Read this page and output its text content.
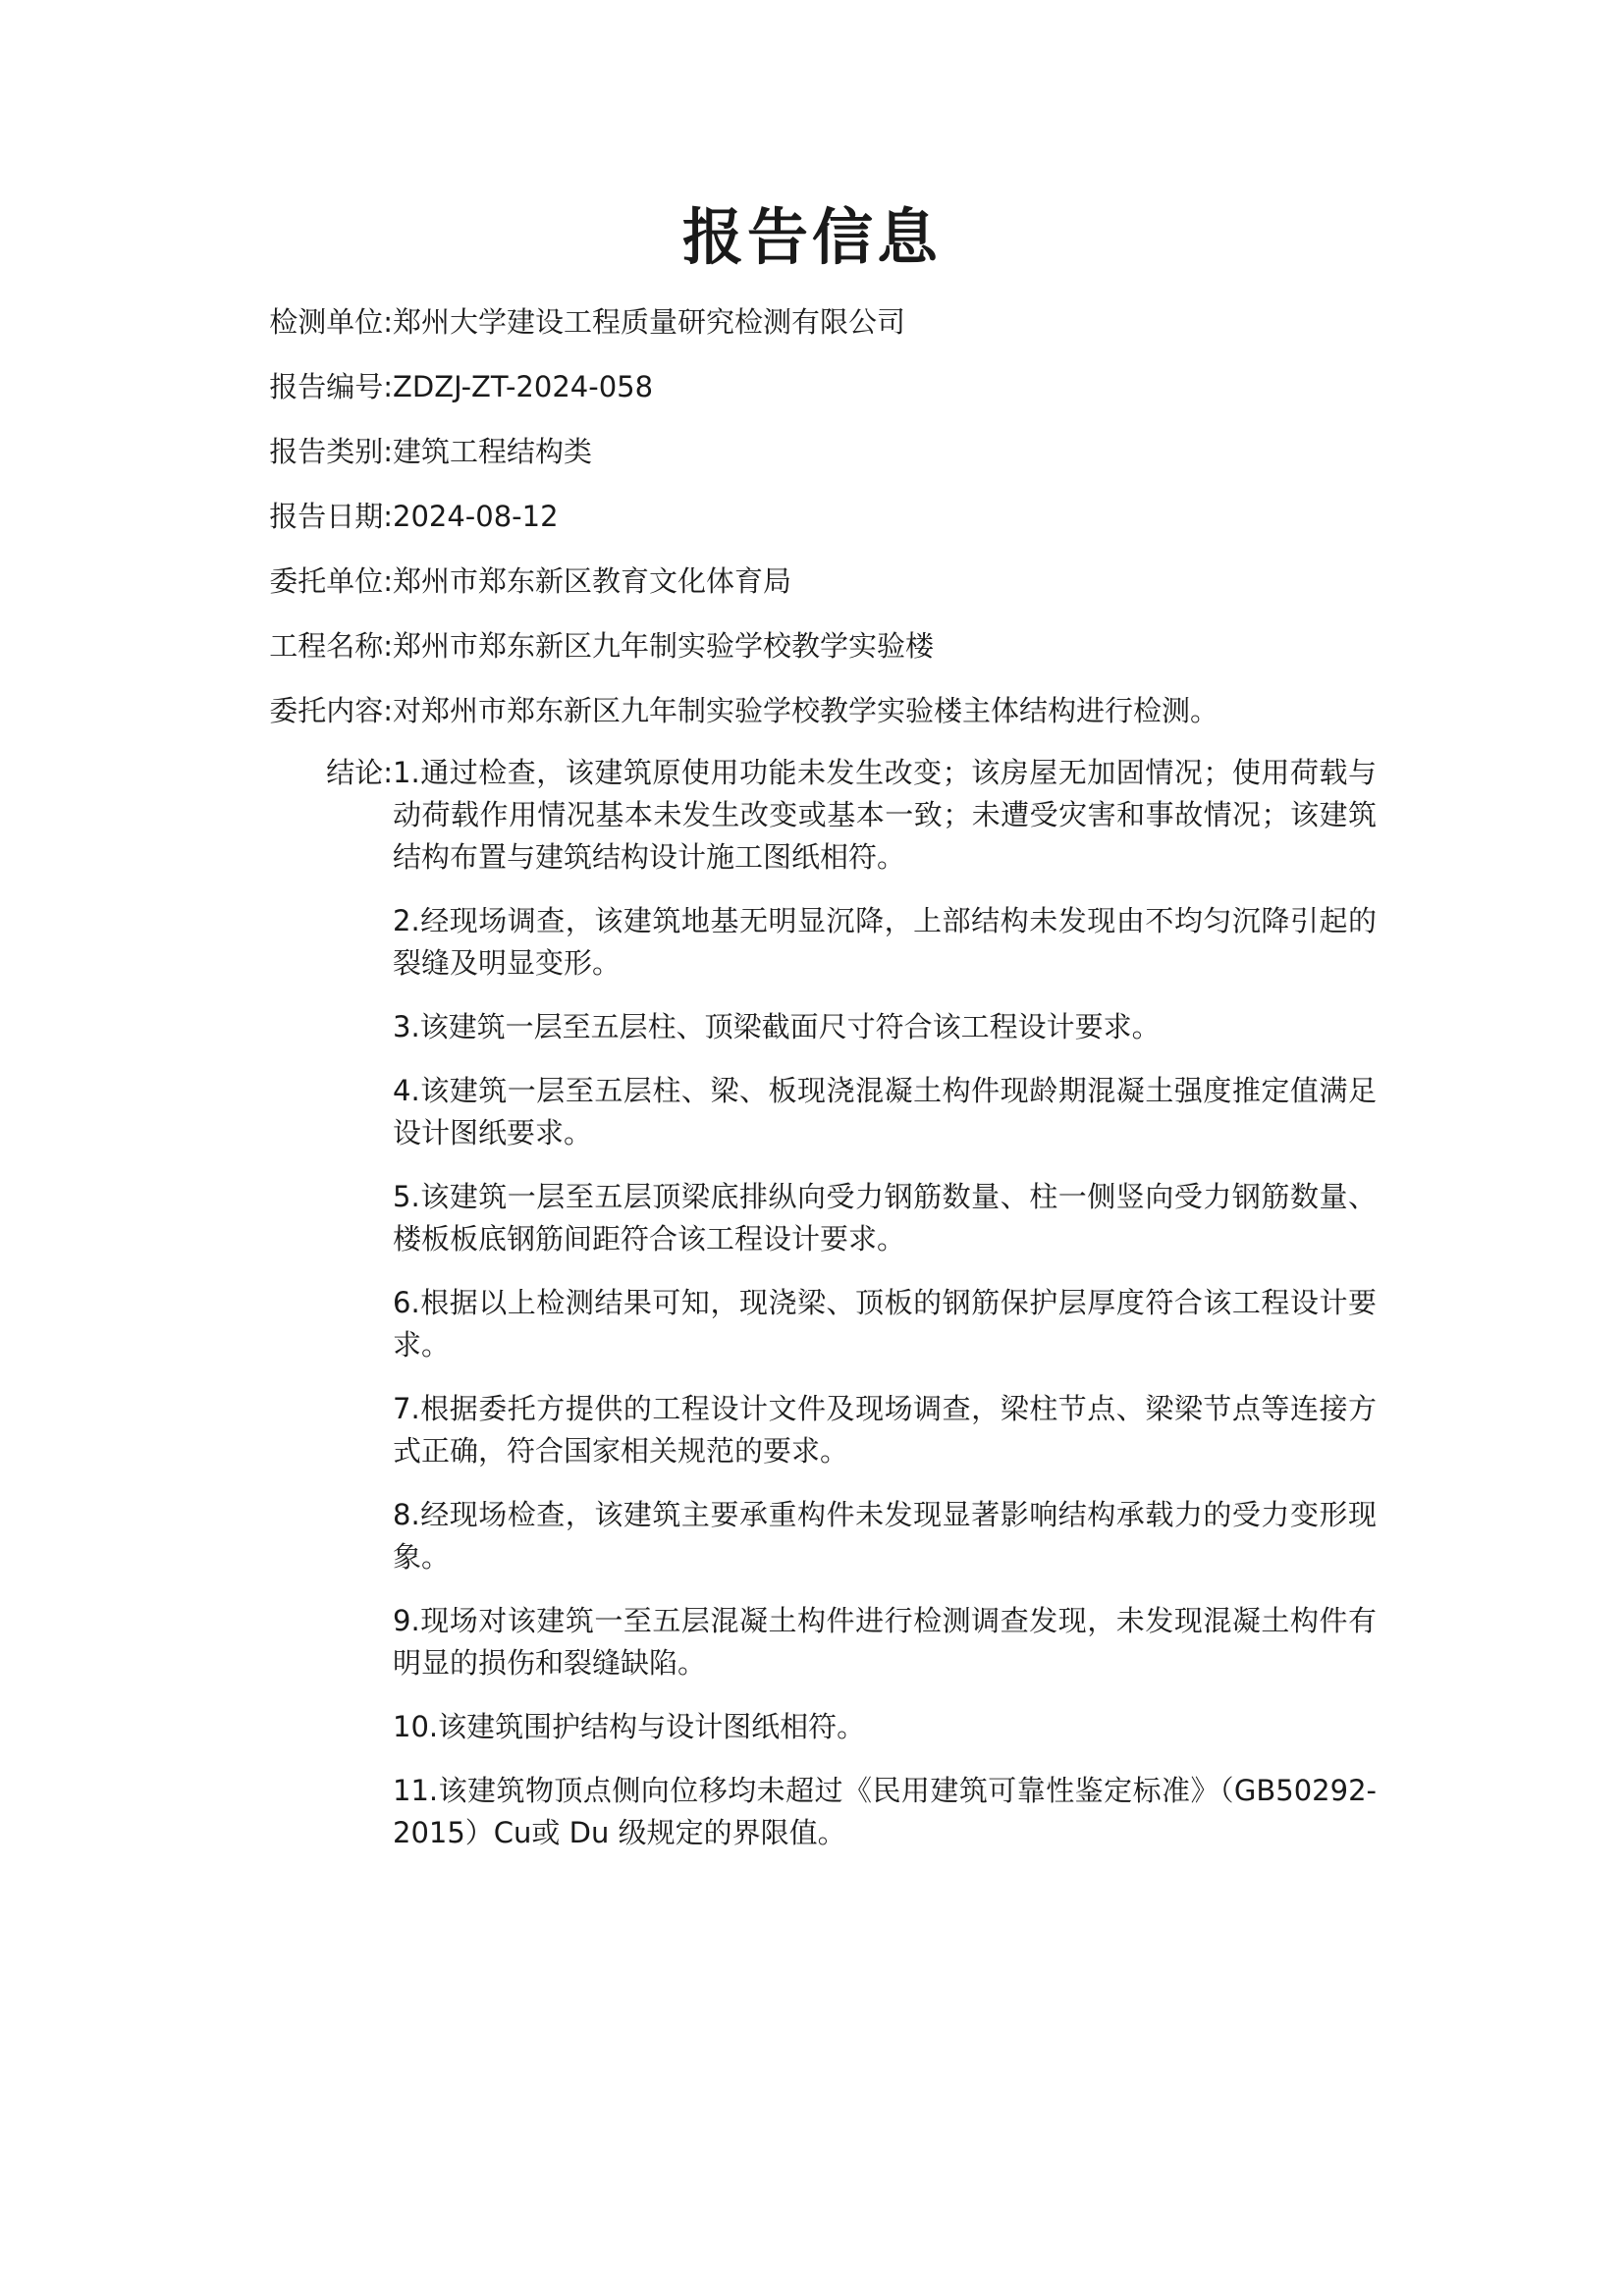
报告信息
检测单位: 郑州大学建设工程质量研究检测有限公司
报告编号: ZDZJ-ZT-2024-058
报告类别: 建筑工程结构类
报告日期: 2024-08-12
委托单位: 郑州市郑东新区教育文化体育局
工程名称: 郑州市郑东新区九年制实验学校教学实验楼
委托内容: 对郑州市郑东新区九年制实验学校教学实验楼主体结构进行检测。
结论: 1.通过检查，该建筑原使用功能未发生改变；该房屋无加固情况；使用荷载与动荷载作用情况基本未发生改变或基本一致；未遭受灾害和事故情况；该建筑结构布置与建筑结构设计施工图纸相符。

2.经现场调查，该建筑地基无明显沉降，上部结构未发现由不均匀沉降引起的裂缝及明显变形。

3.该建筑一层至五层柱、顶梁截面尺寸符合该工程设计要求。

4.该建筑一层至五层柱、梁、板现浇混凝土构件现龄期混凝土强度推定值满足设计图纸要求。

5.该建筑一层至五层顶梁底排纵向受力钢筋数量、柱一侧竖向受力钢筋数量、 楼板板底钢筋间距符合该工程设计要求。

6.根据以上检测结果可知，现浇梁、顶板的钢筋保护层厚度符合该工程设计要求。

7.根据委托方提供的工程设计文件及现场调查，梁柱节点、梁梁节点等连接方式正确，符合国家相关规范的要求。

8.经现场检查，该建筑主要承重构件未发现显著影响结构承载力的受力变形现象。

9.现场对该建筑一至五层混凝土构件进行检测调查发现，未发现混凝土构件有明显的损伤和裂缝缺陷。

10.该建筑围护结构与设计图纸相符。

11.该建筑物顶点侧向位移均未超过《民用建筑可靠性鉴定标准》（GB50292-2015）Cu或 Du 级规定的界限值。
